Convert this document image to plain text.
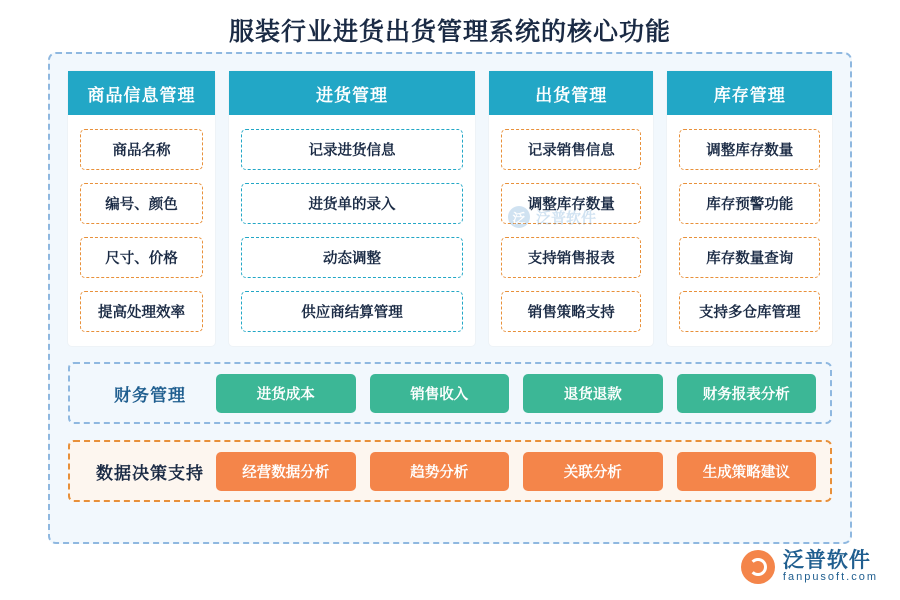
服装行业进货出货管理系统的核心功能
商品信息管理
商品名称
编号、颜色
尺寸、价格
提高处理效率
进货管理
记录进货信息
进货单的录入
动态调整
供应商结算管理
出货管理
记录销售信息
调整库存数量
支持销售报表
销售策略支持
库存管理
调整库存数量
库存预警功能
库存数量查询
支持多仓库管理
财务管理	进货成本	销售收入	退货退款	财务报表分析
数据决策支持	经营数据分析	趋势分析	关联分析	生成策略建议
泛 泛普软件
泛普软件
fanpusoft.com
